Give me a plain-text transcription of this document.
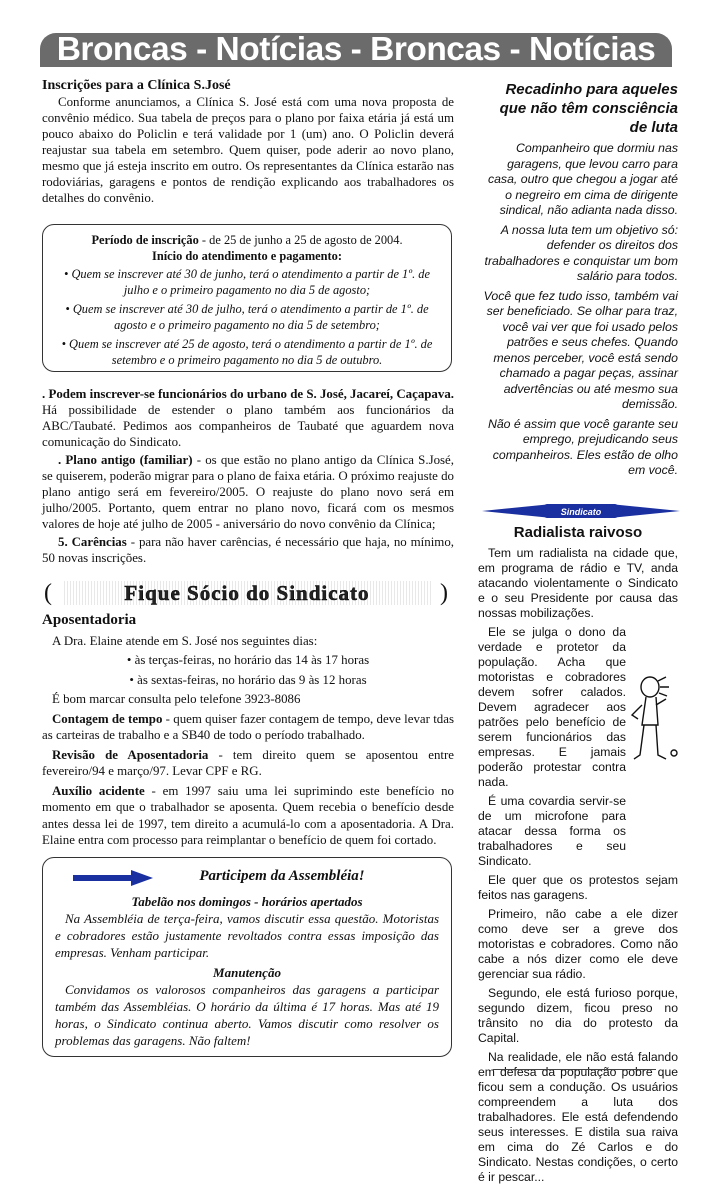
Broncas - Notícias - Broncas - Notícias

Inscrições para a Clínica S.José

Conforme anunciamos, a Clínica S. José está com uma nova proposta de convênio médico. Sua tabela de preços para o plano por faixa etária já está um pouco abaixo do Policlin e terá validade por 1 (um) ano. O Policlin deverá reajustar sua tabela em setembro. Quem quiser, pode aderir ao novo plano, mesmo que já esteja inscrito em outro. Os representantes da Clínica estarão nas rodoviárias, garagens e pontos de rendição explicando aos trabalhadores os detalhes do convênio.

Período de inscrição - de 25 de junho a 25 de agosto de 2004.

Início do atendimento e pagamento:

• Quem se inscrever até 30 de junho, terá o atendimento a partir de 1º. de julho e o primeiro pagamento no dia 5 de agosto;

• Quem se inscrever até 30 de julho, terá o atendimento a partir de 1º. de agosto e o primeiro pagamento no dia 5 de setembro;

• Quem se inscrever até 25 de agosto, terá o atendimento a partir de 1º. de setembro e o primeiro pagamento no dia 5 de outubro.

. Podem inscrever-se funcionários do urbano de S. José, Jacareí, Caçapava. Há possibilidade de estender o plano também aos funcionários da ABC/Taubaté. Pedimos aos companheiros de Taubaté que aguardem nova comunicação do Sindicato.

. Plano antigo (familiar) - os que estão no plano antigo da Clínica S.José, se quiserem, poderão migrar para o plano de faixa etária. O próximo reajuste do plano antigo será em fevereiro/2005. O reajuste do plano novo será em julho/2005. Portanto, quem entrar no plano novo, ficará com os mesmos valores de hoje até julho de 2005 - aniversário do novo convênio da Clínica;

5. Carências - para não haver carências, é necessário que haja, no mínimo, 50 novas inscrições.

(	Fique Sócio do Sindicato	)

Aposentadoria

A Dra. Elaine atende em S. José nos seguintes dias:

• às terças-feiras, no horário das 14 às 17 horas

• às sextas-feiras, no horário das 9 às 12 horas

É bom marcar consulta pelo telefone 3923-8086

Contagem de tempo - quem quiser fazer contagem de tempo, deve levar tdas as carteiras de trabalho e a SB40 de todo o período trabalhado.

Revisão de Aposentadoria - tem direito quem se aposentou entre fevereiro/94 e março/97. Levar CPF e RG.

Auxílio acidente - em 1997 saiu uma lei suprimindo este benefício no momento em que o trabalhador se aposenta. Quem recebia o benefício desde antes dessa lei de 1997, tem direito a acumulá-lo com a aposentadoria. A Dra. Elaine entra com processo para reimplantar o benefício de quem foi cortado.

Participem da Assembléia!

Tabelão nos domingos - horários apertados

Na Assembléia de terça-feira, vamos discutir essa questão. Motoristas e cobradores estão justamente revoltados contra essas imposição das empresas. Venham participar.

Manutenção

Convidamos os valorosos companheiros das garagens a participar também das Assembléias. O horário da última é 17 horas. Mas até 19 horas, o Sindicato continua aberto. Vamos discutir como resolver os problemas das garagens. Não faltem!

Recadinho para aqueles que não têm consciência de luta

Companheiro que dormiu nas garagens, que levou carro para casa, outro que chegou a jogar até o negreiro em cima de dirigente sindical, não adianta nada disso.

A nossa luta tem um objetivo só: defender os direitos dos trabalhadores e conquistar um bom salário para todos.

Você que fez tudo isso, também vai ser beneficiado. Se olhar para traz, você vai ver que foi usado pelos patrões e seus chefes. Quando menos perceber, você está sendo chamado a pagar peças, assinar advertências ou até mesmo sua demissão.

Não é assim que você garante seu emprego, prejudicando seus companheiros. Eles estão de olho em você.

Sindicato
Radialista raivoso

Tem um radialista na cidade que, em programa de rádio e TV, anda atacando violentamente o Sindicato e o seu Presidente por causa das nossas mobilizações.

Ele se julga o dono da verdade e protetor da população. Acha que motoristas e cobradores devem sofrer calados. Devem agradecer aos patrões pelo benefício de serem funcionários das empresas. E jamais poderão protestar contra nada.

É uma covardia servir-se de um microfone para atacar dessa forma os trabalhadores e seu Sindicato.

Ele quer que os protestos sejam feitos nas garagens.

Primeiro, não cabe a ele dizer como deve ser a greve dos motoristas e cobradores. Como não cabe a nós dizer como ele deve gerenciar sua rádio.

Segundo, ele está furioso porque, segundo dizem, ficou preso no trânsito no dia do protesto da Capital.

Na realidade, ele não está falando em defesa da população pobre que ficou sem a condução. Os usuários compreendem a luta dos trabalhadores. Ele está defendendo seus interesses. E distila sua raiva em cima do Zé Carlos e do Sindicato. Nestas condições, o certo é ir pescar...
